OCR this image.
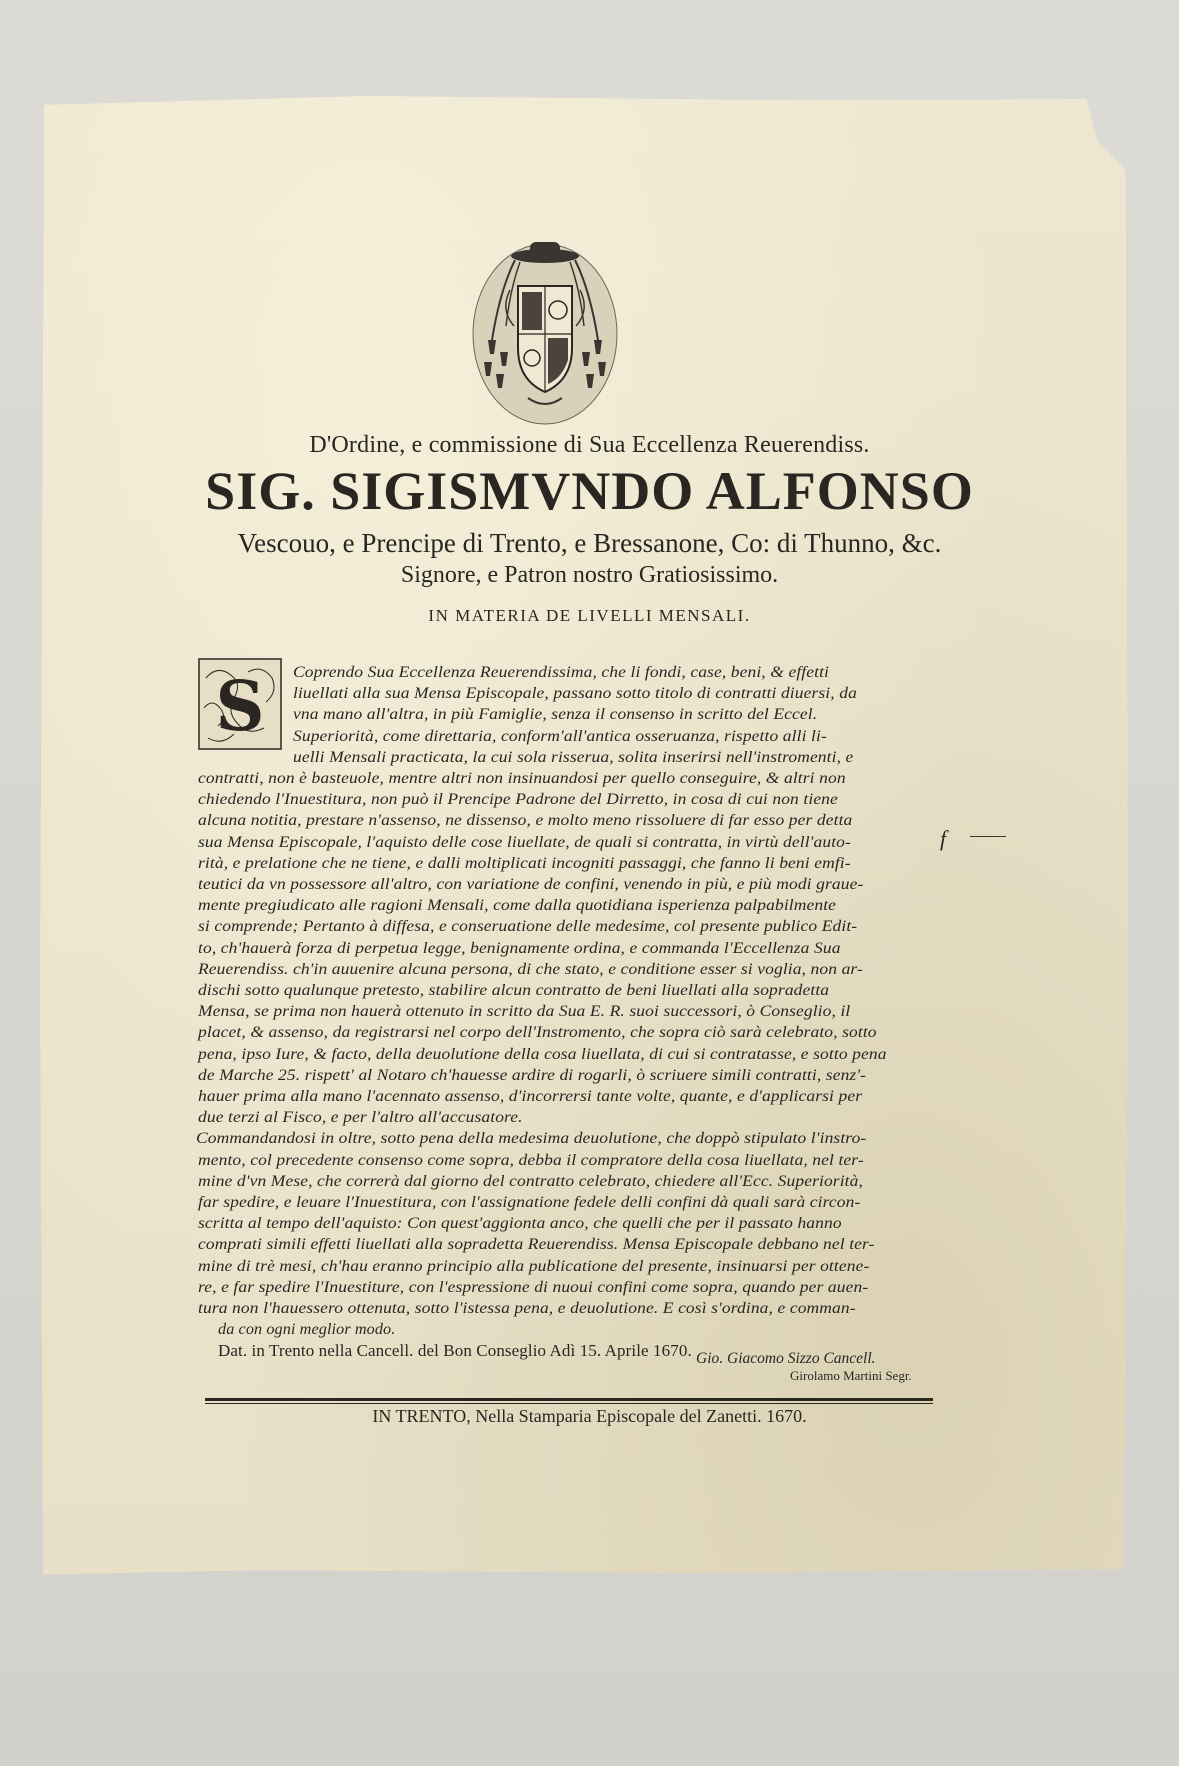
D'Ordine, e commissione di Sua Eccellenza Reuerendiss.
SIG. SIGISMVNDO ALFONSO
Vescouo, e Prencipe di Trento, e Bressanone, Co: di Thunno, &c.
Signore, e Patron nostro Gratiosissimo.
IN MATERIA DE LIVELLI MENSALI.
S Coprendo Sua Eccellenza Reuerendissima, che li fondi, case, beni, & effetti
liuellati alla sua Mensa Episcopale, passano sotto titolo di contratti diuersi, da
vna mano all'altra, in più Famiglie, senza il consenso in scritto del Eccel.
Superiorità, come direttaria, conform'all'antica osseruanza, rispetto alli li-
uelli Mensali practicata, la cui sola risserua, solita inserirsi nell'instromenti, e
contratti, non è basteuole, mentre altri non insinuandosi per quello conseguire, & altri non
chiedendo l'Inuestitura, non può il Prencipe Padrone del Dirretto, in cosa di cui non tiene
alcuna notitia, prestare n'assenso, ne dissenso, e molto meno rissoluere di far esso per detta
sua Mensa Episcopale, l'aquisto delle cose liuellate, de quali si contratta, in virtù dell'auto-
rità, e prelatione che ne tiene, e dalli moltiplicati incogniti passaggi, che fanno li beni emfi-
teutici da vn possessore all'altro, con variatione de confini, venendo in più, e più modi graue-
mente pregiudicato alle ragioni Mensali, come dalla quotidiana isperienza palpabilmente
si comprende; Pertanto à diffesa, e conseruatione delle medesime, col presente publico Edit-
to, ch'hauerà forza di perpetua legge, benignamente ordina, e commanda l'Eccellenza Sua
Reuerendiss. ch'in auuenire alcuna persona, di che stato, e conditione esser si voglia, non ar-
dischi sotto qualunque pretesto, stabilire alcun contratto de beni liuellati alla sopradetta
Mensa, se prima non hauerà ottenuto in scritto da Sua E. R. suoi successori, ò Conseglio, il
placet, & assenso, da registrarsi nel corpo dell'Instromento, che sopra ciò sarà celebrato, sotto
pena, ipso Iure, & facto, della deuolutione della cosa liuellata, di cui si contratasse, e sotto pena
de Marche 25. rispett' al Notaro ch'hauesse ardire di rogarli, ò scriuere simili contratti, senz'-
hauer prima alla mano l'acennato assenso, d'incorrersi tante volte, quante, e d'applicarsi per
due terzi al Fisco, e per l'altro all'accusatore.
Commandandosi in oltre, sotto pena della medesima deuolutione, che doppò stipulato l'instro-
mento, col precedente consenso come sopra, debba il compratore della cosa liuellata, nel ter-
mine d'vn Mese, che correrà dal giorno del contratto celebrato, chiedere all'Ecc. Superiorità,
far spedire, e leuare l'Inuestitura, con l'assignatione fedele delli confini dà quali sarà circon-
scritta al tempo dell'aquisto: Con quest'aggionta anco, che quelli che per il passato hanno
comprati simili effetti liuellati alla sopradetta Reuerendiss. Mensa Episcopale debbano nel ter-
mine di trè mesi, ch'hau eranno principio alla publicatione del presente, insinuarsi per ottene-
re, e far spedire l'Inuestiture, con l'espressione di nuoui confini come sopra, quando per auen-
tura non l'hauessero ottenuta, sotto l'istessa pena, e deuolutione. E così s'ordina, e comman-
da con ogni meglior modo.
Dat. in Trento nella Cancell. del Bon Conseglio Adì 15. Aprile 1670.
f
Gio. Giacomo Sizzo Cancell.
Girolamo Martini Segr.
IN TRENTO, Nella Stamparia Episcopale del Zanetti. 1670.
